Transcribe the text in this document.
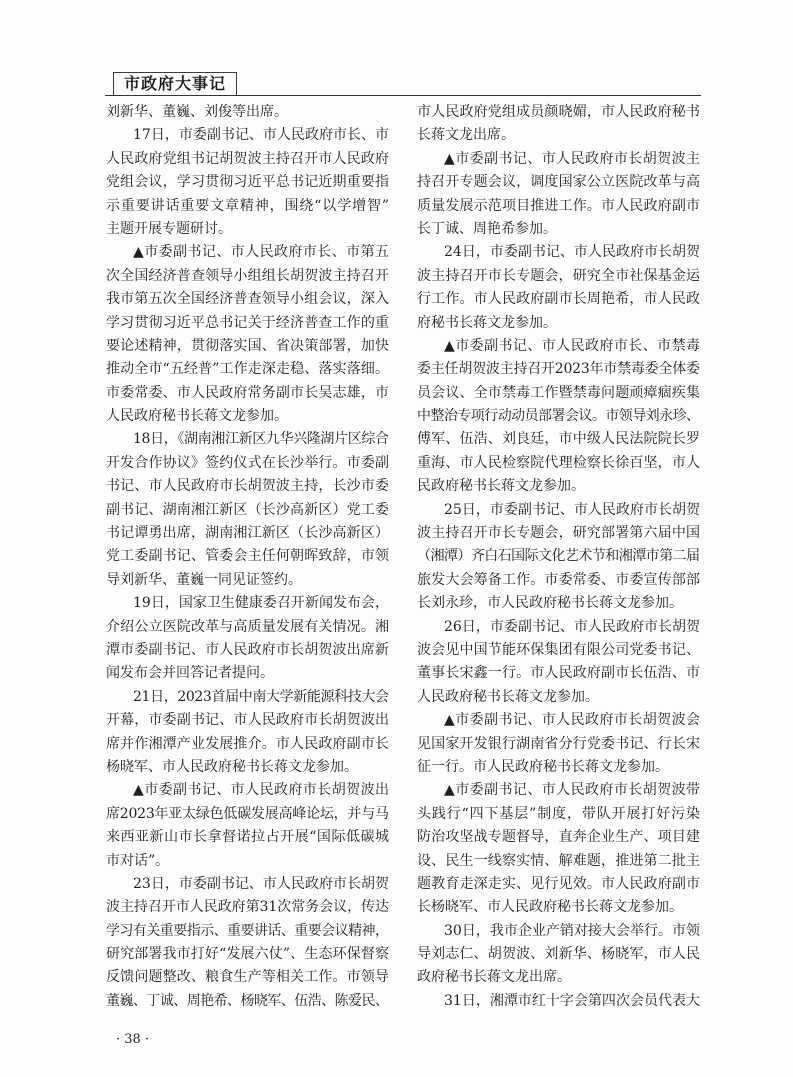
市政府大事记
刘新华、董巍、刘俊等出席。
17日，市委副书记、市人民政府市长、市
人民政府党组书记胡贺波主持召开市人民政府
党组会议，学习贯彻习近平总书记近期重要指
示重要讲话重要文章精神，围绕“以学增智”
主题开展专题研讨。
▲市委副书记、市人民政府市长、市第五
次全国经济普查领导小组组长胡贺波主持召开
我市第五次全国经济普查领导小组会议，深入
学习贯彻习近平总书记关于经济普查工作的重
要论述精神，贯彻落实国、省决策部署，加快
推动全市“五经普”工作走深走稳、落实落细。
市委常委、市人民政府常务副市长吴志雄，市
人民政府秘书长蒋文龙参加。
18日，《湖南湘江新区九华兴隆湖片区综合
开发合作协议》签约仪式在长沙举行。市委副
书记、市人民政府市长胡贺波主持，长沙市委
副书记、湖南湘江新区（长沙高新区）党工委
书记谭勇出席，湖南湘江新区（长沙高新区）
党工委副书记、管委会主任何朝晖致辞，市领
导刘新华、董巍一同见证签约。
19日，国家卫生健康委召开新闻发布会，
介绍公立医院改革与高质量发展有关情况。湘
潭市委副书记、市人民政府市长胡贺波出席新
闻发布会并回答记者提问。
21日，2023首届中南大学新能源科技大会
开幕，市委副书记、市人民政府市长胡贺波出
席并作湘潭产业发展推介。市人民政府副市长
杨晓军、市人民政府秘书长蒋文龙参加。
▲市委副书记、市人民政府市长胡贺波出
席2023年亚太绿色低碳发展高峰论坛，并与马
来西亚新山市长拿督诺拉占开展“国际低碳城
市对话”。
23日，市委副书记、市人民政府市长胡贺
波主持召开市人民政府第31次常务会议，传达
学习有关重要指示、重要讲话、重要会议精神，
研究部署我市打好“发展六仗”、生态环保督察
反馈问题整改、粮食生产等相关工作。市领导
董巍、丁诚、周艳希、杨晓军、伍浩、陈爱民、
市人民政府党组成员颜晓媚，市人民政府秘书
长蒋文龙出席。
▲市委副书记、市人民政府市长胡贺波主
持召开专题会议，调度国家公立医院改革与高
质量发展示范项目推进工作。市人民政府副市
长丁诚、周艳希参加。
24日，市委副书记、市人民政府市长胡贺
波主持召开市长专题会，研究全市社保基金运
行工作。市人民政府副市长周艳希，市人民政
府秘书长蒋文龙参加。
▲市委副书记、市人民政府市长、市禁毒
委主任胡贺波主持召开2023年市禁毒委全体委
员会议、全市禁毒工作暨禁毒问题顽瘴痼疾集
中整治专项行动动员部署会议。市领导刘永珍、
傅军、伍浩、刘良廷，市中级人民法院院长罗
重海、市人民检察院代理检察长徐百坚，市人
民政府秘书长蒋文龙参加。
25日，市委副书记、市人民政府市长胡贺
波主持召开市长专题会，研究部署第六届中国
（湘潭）齐白石国际文化艺术节和湘潭市第二届
旅发大会筹备工作。市委常委、市委宣传部部
长刘永珍，市人民政府秘书长蒋文龙参加。
26日，市委副书记、市人民政府市长胡贺
波会见中国节能环保集团有限公司党委书记、
董事长宋鑫一行。市人民政府副市长伍浩、市
人民政府秘书长蒋文龙参加。
▲市委副书记、市人民政府市长胡贺波会
见国家开发银行湖南省分行党委书记、行长宋
征一行。市人民政府秘书长蒋文龙参加。
▲市委副书记、市人民政府市长胡贺波带
头践行“四下基层”制度，带队开展打好污染
防治攻坚战专题督导，直奔企业生产、项目建
设、民生一线察实情、解难题，推进第二批主
题教育走深走实、见行见效。市人民政府副市
长杨晓军、市人民政府秘书长蒋文龙参加。
30日，我市企业产销对接大会举行。市领
导刘志仁、胡贺波、刘新华、杨晓军，市人民
政府秘书长蒋文龙出席。
31日，湘潭市红十字会第四次会员代表大
· 38 ·
